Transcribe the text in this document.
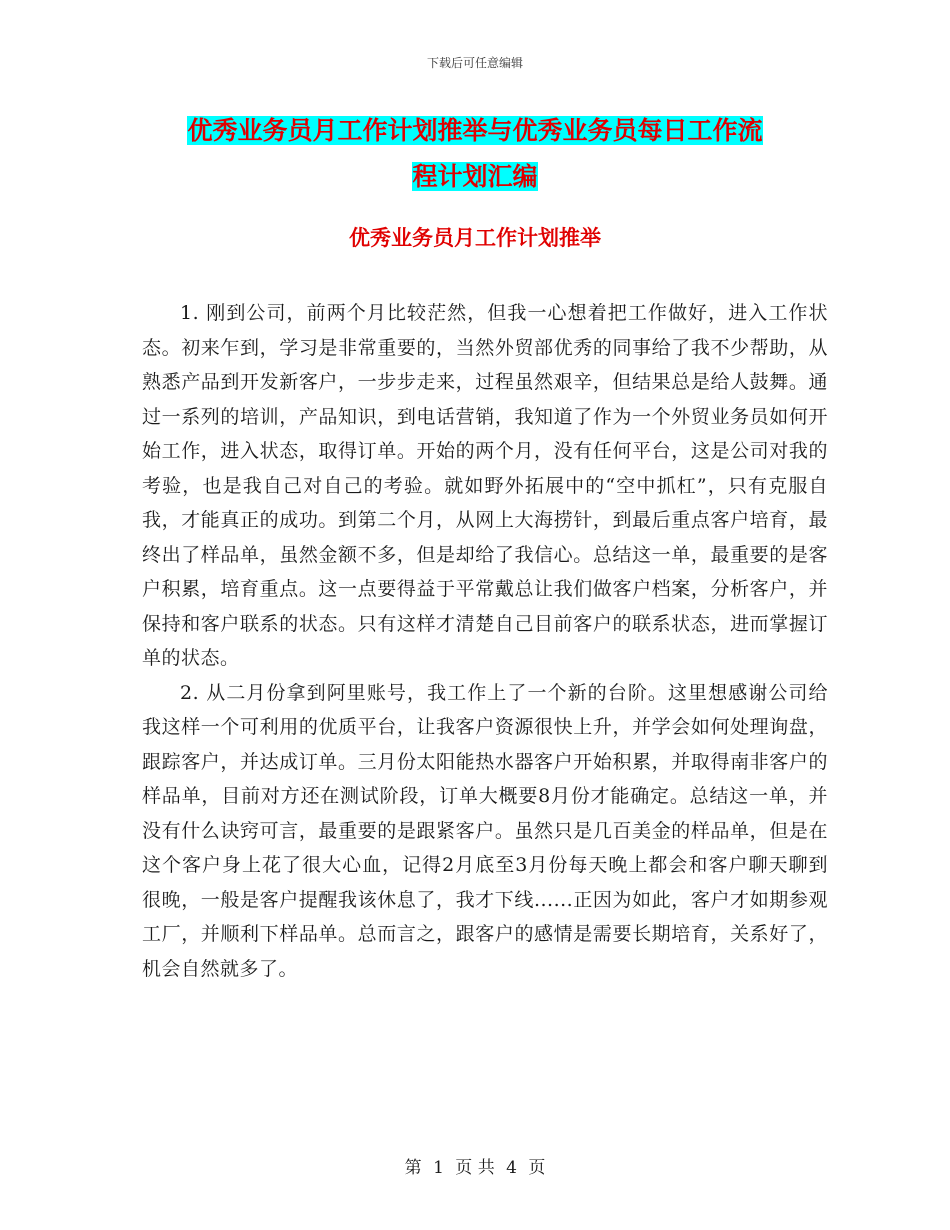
下载后可任意编辑
优秀业务员月工作计划推举与优秀业务员每日工作流
程计划汇编
优秀业务员月工作计划推举

1. 刚到公司，前两个月比较茫然，但我一心想着把工作做好，进入工作状态。初来乍到，学习是非常重要的，当然外贸部优秀的同事给了我不少帮助，从熟悉产品到开发新客户，一步步走来，过程虽然艰辛，但结果总是给人鼓舞。通过一系列的培训，产品知识，到电话营销，我知道了作为一个外贸业务员如何开始工作，进入状态，取得订单。开始的两个月，没有任何平台，这是公司对我的考验，也是我自己对自己的考验。就如野外拓展中的“空中抓杠”，只有克服自我，才能真正的成功。到第二个月，从网上大海捞针，到最后重点客户培育，最终出了样品单，虽然金额不多，但是却给了我信心。总结这一单，最重要的是客户积累，培育重点。这一点要得益于平常戴总让我们做客户档案，分析客户，并保持和客户联系的状态。只有这样才清楚自己目前客户的联系状态，进而掌握订单的状态。

2. 从二月份拿到阿里账号，我工作上了一个新的台阶。这里想感谢公司给我这样一个可利用的优质平台，让我客户资源很快上升，并学会如何处理询盘，跟踪客户，并达成订单。三月份太阳能热水器客户开始积累，并取得南非客户的样品单，目前对方还在测试阶段，订单大概要8月份才能确定。总结这一单，并没有什么诀窍可言，最重要的是跟紧客户。虽然只是几百美金的样品单，但是在这个客户身上花了很大心血，记得2月底至3月份每天晚上都会和客户聊天聊到很晚，一般是客户提醒我该休息了，我才下线......正因为如此，客户才如期参观工厂，并顺利下样品单。总而言之，跟客户的感情是需要长期培育，关系好了，机会自然就多了。

第 1 页 共 4 页
